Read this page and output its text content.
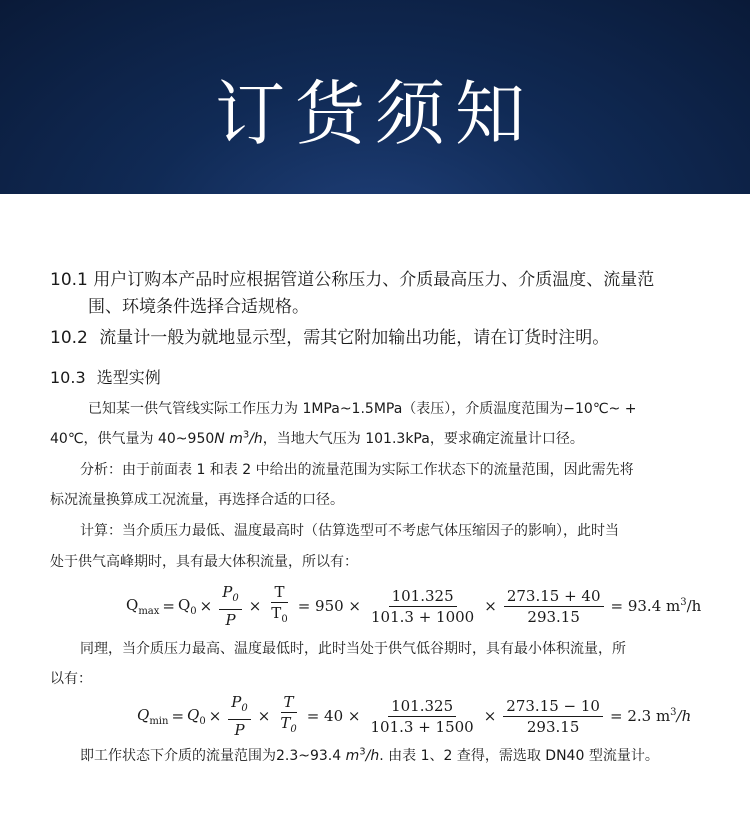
订货须知
10.1 用户订购本产品时应根据管道公称压力、介质最高压力、介质温度、流量范
围、环境条件选择合适规格。
10.2 流量计一般为就地显示型，需其它附加输出功能，请在订货时注明。
10.3 选型实例
已知某一供气管线实际工作压力为 1MPa~1.5MPa（表压），介质温度范围为−10℃~ +
40℃，供气量为 40~950N $m^3/h$，当地大气压为 101.3kPa，要求确定流量计口径。
分析：由于前面表 1 和表 2 中给出的流量范围为实际工作状态下的流量范围，因此需先将
标况流量换算成工况流量，再选择合适的口径。
计算：当介质压力最低、温度最高时（估算选型可不考虑气体压缩因子的影响），此时当
处于供气高峰期时，具有最大体积流量，所以有：
$Q_{max} = Q_0 \times \frac{P_0}{P} \times \frac{T}{T_0} = 950 \times \frac{101.325}{101.3 + 1000} \times \frac{273.15 + 40}{293.15} = 93.4$ $m^3/h$
同理，当介质压力最高、温度最低时，此时当处于供气低谷期时，具有最小体积流量，所
以有：
$Q_{min} = Q_0 \times \frac{P_0}{P} \times \frac{T}{T_0} = 40 \times \frac{101.325}{101.3 + 1500} \times \frac{273.15 - 10}{293.15} = 2.3$ $m^3/h$
即工作状态下介质的流量范围为2.3~93.4 $m^3/h$. 由表 1、2 查得，需选取 DN40 型流量计。
